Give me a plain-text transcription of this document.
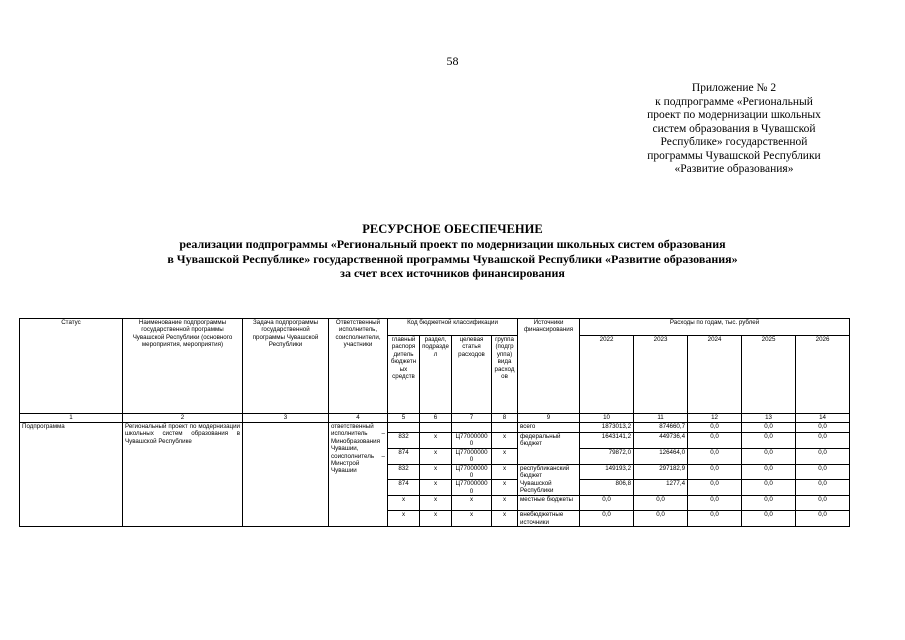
58
Приложение № 2
к подпрограмме «Региональный
проект по модернизации школьных
систем образования в Чувашской
Республике» государственной
программы Чувашской Республики
«Развитие образования»
РЕСУРСНОЕ ОБЕСПЕЧЕНИЕ
реализации подпрограммы «Региональный проект по модернизации школьных систем образования
в Чувашской Республике» государственной программы Чувашской Республики «Развитие образования»
за счет всех источников финансирования
Статус	Наименование подпрограммы государственной программы Чувашской Республики (основного мероприятия, мероприятия)	Задача подпрограммы государственной программы Чувашской Республики	Ответственный исполнитель, соисполнители, участники	Код бюджетной классификации				Источники финансирования	Расходы по годам, тыс. рублей				
				главный распорядитель бюджетных средств	раздел, подраздел	целевая статья расходов	группа (подгруппа) вида расходов		2022	2023	2024	2025	2026
1	2	3	4	5	6	7	8	9	10	11	12	13	14
Подпрограмма	Региональный проект по модернизации школьных систем образования в Чувашской Республике		ответственный исполнитель – Минобразования Чувашии, соисполнитель – Минстрой Чувашии					всего	1873013,2	874660,7	0,0	0,0	0,0
				832	х	Ц770000000	х	федеральный бюджет	1643141,2	449736,4	0,0	0,0	0,0
				874	х	Ц770000000	х		79872,0	126464,0	0,0	0,0	0,0
				832	х	Ц770000000	х	республиканский бюджет	149193,2	297182,9	0,0	0,0	0,0
				874	х	Ц770000000	х	Чувашской Республики	806,8	1277,4	0,0	0,0	0,0
				х	х	х	х	местные бюджеты	0,0	0,0	0,0	0,0	0,0
				х	х	х	х	внебюджетные источники	0,0	0,0	0,0	0,0	0,0
